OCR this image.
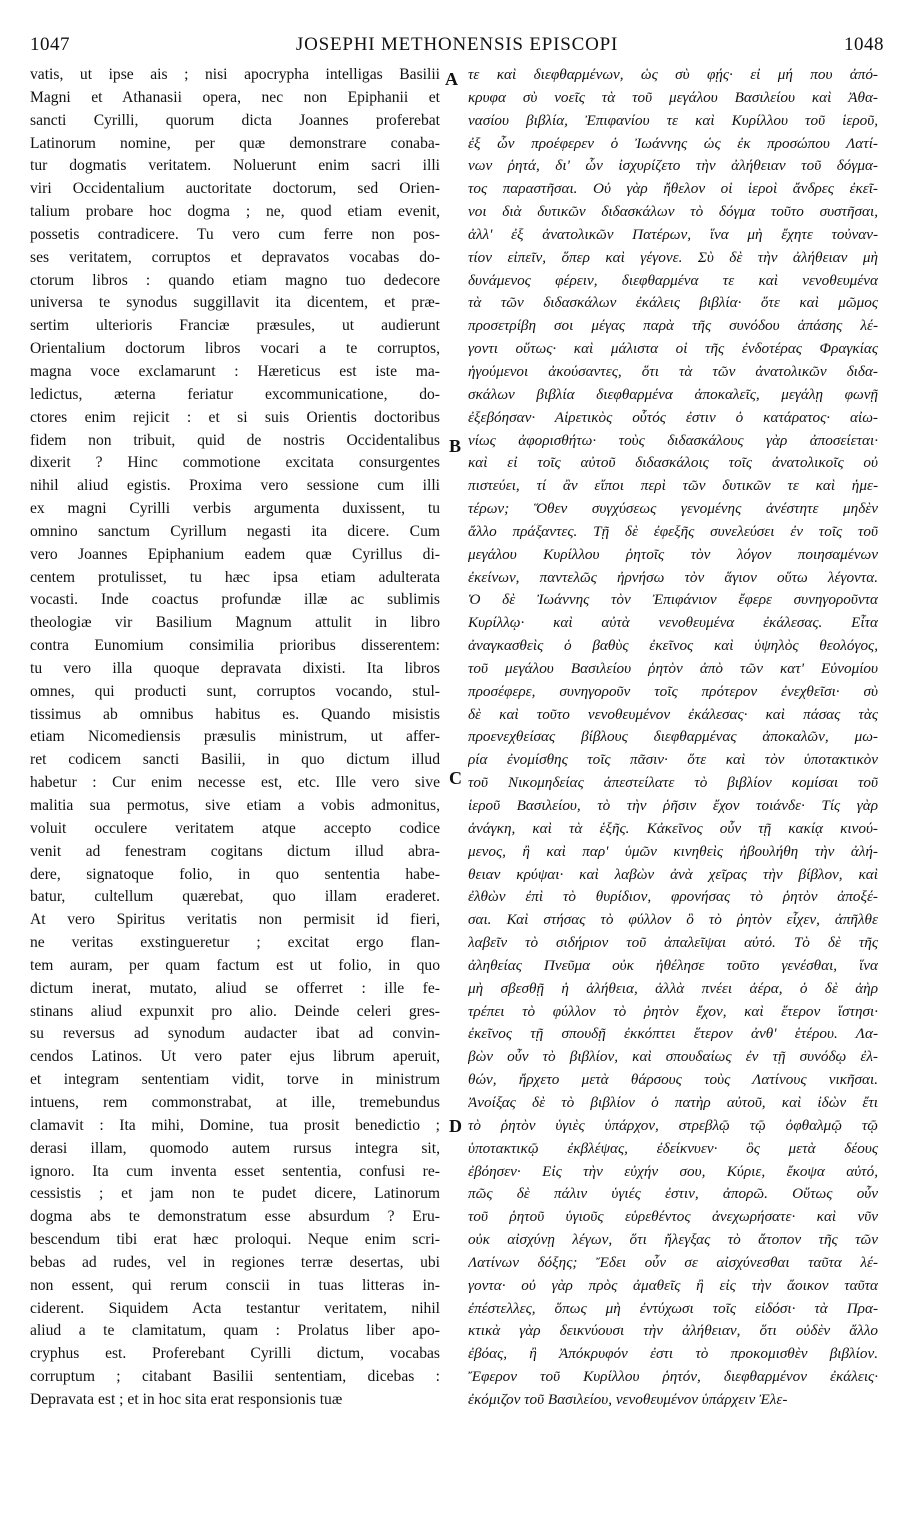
1047	JOSEPHI METHONENSIS EPISCOPI	1048
vatis, ut ipse ais ; nisi apocrypha intelligas Basilii
Magni et Athanasii opera, nec non Epiphanii et
sancti Cyrilli, quorum dicta Joannes proferebat
Latinorum nomine, per quæ demonstrare conaba-
tur dogmatis veritatem. Noluerunt enim sacri illi
viri Occidentalium auctoritate doctorum, sed Orien-
talium probare hoc dogma ; ne, quod etiam evenit,
possetis contradicere. Tu vero cum ferre non pos-
ses veritatem, corruptos et depravatos vocabas do-
ctorum libros : quando etiam magno tuo dedecore
universa te synodus suggillavit ita dicentem, et præ-
sertim ulterioris Franciæ præsules, ut audierunt
Orientalium doctorum libros vocari a te corruptos,
magna voce exclamarunt : Hæreticus est iste ma-
ledictus, æterna feriatur excommunicatione, do-
ctores enim rejicit : et si suis Orientis doctoribus
fidem non tribuit, quid de nostris Occidentalibus
dixerit ? Hinc commotione excitata consurgentes
nihil aliud egistis. Proxima vero sessione cum illi
ex magni Cyrilli verbis argumenta duxissent, tu
omnino sanctum Cyrillum negasti ita dicere. Cum
vero Joannes Epiphanium eadem quæ Cyrillus di-
centem protulisset, tu hæc ipsa etiam adulterata
vocasti. Inde coactus profundæ illæ ac sublimis
theologiæ vir Basilium Magnum attulit in libro
contra Eunomium consimilia prioribus disserentem:
tu vero illa quoque depravata dixisti. Ita libros
omnes, qui producti sunt, corruptos vocando, stul-
tissimus ab omnibus habitus es. Quando misistis
etiam Nicomediensis præsulis ministrum, ut affer-
ret codicem sancti Basilii, in quo dictum illud
habetur : Cur enim necesse est, etc. Ille vero sive
malitia sua permotus, sive etiam a vobis admonitus,
voluit occulere veritatem atque accepto codice
venit ad fenestram cogitans dictum illud abra-
dere, signatoque folio, in quo sententia habe-
batur, cultellum quærebat, quo illam eraderet.
At vero Spiritus veritatis non permisit id fieri,
ne veritas exstingueretur ; excitat ergo flan-
tem auram, per quam factum est ut folio, in quo
dictum inerat, mutato, aliud se offerret : ille fe-
stinans aliud expunxit pro alio. Deinde celeri gres-
su reversus ad synodum audacter ibat ad convin-
cendos Latinos. Ut vero pater ejus librum aperuit,
et integram sententiam vidit, torve in ministrum
intuens, rem commonstrabat, at ille, tremebundus
clamavit : Ita mihi, Domine, tua prosit benedictio ;
derasi illam, quomodo autem rursus integra sit,
ignoro. Ita cum inventa esset sententia, confusi re-
cessistis ; et jam non te pudet dicere, Latinorum
dogma abs te demonstratum esse absurdum ? Eru-
bescendum tibi erat hæc proloqui. Neque enim scri-
bebas ad rudes, vel in regiones terræ desertas, ubi
non essent, qui rerum conscii in tuas litteras in-
ciderent. Siquidem Acta testantur veritatem, nihil
aliud a te clamitatum, quam : Prolatus liber apo-
cryphus est. Proferebant Cyrilli dictum, vocabas
corruptum ; citabant Basilii sententiam, dicebas :
Depravata est ; et in hoc sita erat responsionis tuæ
τε καὶ διεφθαρμένων, ὡς σὺ φῄς· εἰ μή που ἀπό-
κρυφα σὺ νοεῖς τὰ τοῦ μεγάλου Βασιλείου καὶ Ἀθα-
νασίου βιβλία, Ἐπιφανίου τε καὶ Κυρίλλου τοῦ ἱεροῦ,
ἐξ ὧν προέφερεν ὁ Ἰωάννης ὡς ἐκ προσώπου Λατί-
νων ῥητά, δι' ὧν ἰσχυρίζετο τὴν ἀλήθειαν τοῦ δόγμα-
τος παραστῆσαι. Οὐ γὰρ ἤθελον οἱ ἱεροὶ ἄνδρες ἐκεῖ-
νοι διὰ δυτικῶν διδασκάλων τὸ δόγμα τοῦτο συστῆσαι,
ἀλλ' ἐξ ἀνατολικῶν Πατέρων, ἵνα μὴ ἔχητε τοὐναν-
τίον εἰπεῖν, ὅπερ καὶ γέγονε. Σὺ δὲ τὴν ἀλήθειαν μὴ
δυνάμενος φέρειν, διεφθαρμένα τε καὶ νενοθευμένα
τὰ τῶν διδασκάλων ἐκάλεις βιβλία· ὅτε καὶ μῶμος
προσετρίβη σοι μέγας παρὰ τῆς συνόδου ἁπάσης λέ-
γοντι οὕτως· καὶ μάλιστα οἱ τῆς ἐνδοτέρας Φραγκίας
ἡγούμενοι ἀκούσαντες, ὅτι τὰ τῶν ἀνατολικῶν διδα-
σκάλων βιβλία διεφθαρμένα ἀποκαλεῖς, μεγάλῃ φωνῇ
ἐξεβόησαν· Αἱρετικὸς οὗτός ἐστιν ὁ κατάρατος· αἰω-
νίως ἀφορισθήτω· τοὺς διδασκάλους γὰρ ἀποσείεται·
καὶ εἰ τοῖς αὐτοῦ διδασκάλοις τοῖς ἀνατολικοῖς οὐ
πιστεύει, τί ἂν εἴποι περὶ τῶν δυτικῶν τε καὶ ἡμε-
τέρων; Ὅθεν συγχύσεως γενομένης ἀνέστητε μηδὲν
ἄλλο πράξαντες. Τῇ δὲ ἐφεξῆς συνελεύσει ἐν τοῖς τοῦ
μεγάλου Κυρίλλου ῥητοῖς τὸν λόγον ποιησαμένων
ἐκείνων, παντελῶς ἠρνήσω τὸν ἅγιον οὕτω λέγοντα.
Ὁ δὲ Ἰωάννης τὸν Ἐπιφάνιον ἔφερε συνηγοροῦντα
Κυρίλλῳ· καὶ αὐτὰ νενοθευμένα ἐκάλεσας. Εἶτα
ἀναγκασθεὶς ὁ βαθὺς ἐκεῖνος καὶ ὑψηλὸς θεολόγος,
τοῦ μεγάλου Βασιλείου ῥητὸν ἀπὸ τῶν κατ' Εὐνομίου
προσέφερε, συνηγοροῦν τοῖς πρότερον ἐνεχθεῖσι· σὺ
δὲ καὶ τοῦτο νενοθευμένον ἐκάλεσας· καὶ πάσας τὰς
προενεχθείσας βίβλους διεφθαρμένας ἀποκαλῶν, μω-
ρία ἐνομίσθης τοῖς πᾶσιν· ὅτε καὶ τὸν ὑποτακτικὸν
τοῦ Νικομηδείας ἀπεστείλατε τὸ βιβλίον κομίσαι τοῦ
ἱεροῦ Βασιλείου, τὸ τὴν ῥῆσιν ἔχον τοιάνδε· Τίς γὰρ
ἀνάγκη, καὶ τὰ ἑξῆς. Κἀκεῖνος οὖν τῇ κακίᾳ κινού-
μενος, ἢ καὶ παρ' ὑμῶν κινηθεὶς ἠβουλήθη τὴν ἀλή-
θειαν κρύψαι· καὶ λαβὼν ἀνὰ χεῖρας τὴν βίβλον, καὶ
ἐλθὼν ἐπὶ τὸ θυρίδιον, φρονήσας τὸ ῥητὸν ἀποξέ-
σαι. Καὶ στήσας τὸ φύλλον ὃ τὸ ῥητὸν εἶχεν, ἀπῆλθε
λαβεῖν τὸ σιδήριον τοῦ ἀπαλεῖψαι αὐτό. Τὸ δὲ τῆς
ἀληθείας Πνεῦμα οὐκ ἠθέλησε τοῦτο γενέσθαι, ἵνα
μὴ σβεσθῇ ἡ ἀλήθεια, ἀλλὰ πνέει ἀέρα, ὁ δὲ ἀὴρ
τρέπει τὸ φύλλον τὸ ῥητὸν ἔχον, καὶ ἕτερον ἵστησι·
ἐκεῖνος τῇ σπουδῇ ἐκκόπτει ἕτερον ἀνθ' ἑτέρου. Λα-
βὼν οὖν τὸ βιβλίον, καὶ σπουδαίως ἐν τῇ συνόδῳ ἐλ-
θών, ἤρχετο μετὰ θάρσους τοὺς Λατίνους νικῆσαι.
Ἀνοίξας δὲ τὸ βιβλίον ὁ πατὴρ αὐτοῦ, καὶ ἰδὼν ἔτι
τὸ ῥητὸν ὑγιὲς ὑπάρχον, στρεβλῷ τῷ ὀφθαλμῷ τῷ
ὑποτακτικῷ ἐκβλέψας, ἐδείκνυεν· ὃς μετὰ δέους
ἐβόησεν· Εἰς τὴν εὐχήν σου, Κύριε, ἔκοψα αὐτό,
πῶς δὲ πάλιν ὑγιές ἐστιν, ἀπορῶ. Οὕτως οὖν
τοῦ ῥητοῦ ὑγιοῦς εὑρεθέντος ἀνεχωρήσατε· καὶ νῦν
οὐκ αἰσχύνῃ λέγων, ὅτι ἤλεγξας τὸ ἄτοπον τῆς τῶν
Λατίνων δόξης; Ἔδει οὖν σε αἰσχύνεσθαι ταῦτα λέ-
γοντα· οὐ γὰρ πρὸς ἀμαθεῖς ἢ εἰς τὴν ἄοικον ταῦτα
ἐπέστελλες, ὅπως μὴ ἐντύχωσι τοῖς εἰδόσι· τὰ Πρα-
κτικὰ γὰρ δεικνύουσι τὴν ἀλήθειαν, ὅτι οὐδὲν ἄλλο
ἐβόας, ἢ Ἀπόκρυφόν ἐστι τὸ προκομισθὲν βιβλίον.
Ἔφερον τοῦ Κυρίλλου ῥητόν, διεφθαρμένον ἐκάλεις·
ἐκόμιζον τοῦ Βασιλείου, νενοθευμένον ὑπάρχειν Ἐλε-
A
B
C
D
